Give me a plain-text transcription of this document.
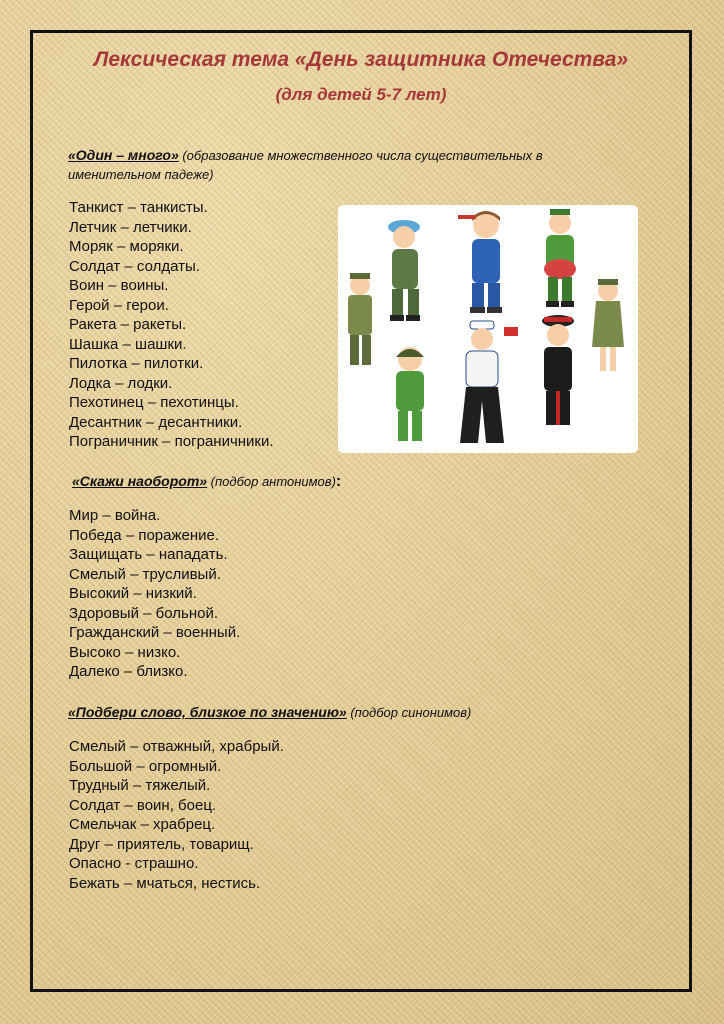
Лексическая тема «День защитника Отечества»
(для детей 5-7 лет)
«Один – много» (образование множественного числа существительных в именительном падеже)
Танкист – танкисты.
Летчик – летчики.
Моряк – моряки.
Солдат – солдаты.
Воин – воины.
Герой – герои.
Ракета – ракеты.
Шашка – шашки.
Пилотка – пилотки.
Лодка – лодки.
Пехотинец – пехотинцы.
Десантник – десантники.
Пограничник – пограничники.
«Скажи наоборот» (подбор антонимов):
Мир – война.
Победа – поражение.
Защищать – нападать.
Смелый – трусливый.
Высокий – низкий.
Здоровый – больной.
Гражданский – военный.
Высоко – низко.
Далеко – близко.
«Подбери слово, близкое по значению» (подбор синонимов)
Смелый – отважный, храбрый.
Большой – огромный.
Трудный – тяжелый.
Солдат – воин, боец.
Смельчак – храбрец.
Друг – приятель, товарищ.
Опасно - страшно.
Бежать – мчаться, нестись.
